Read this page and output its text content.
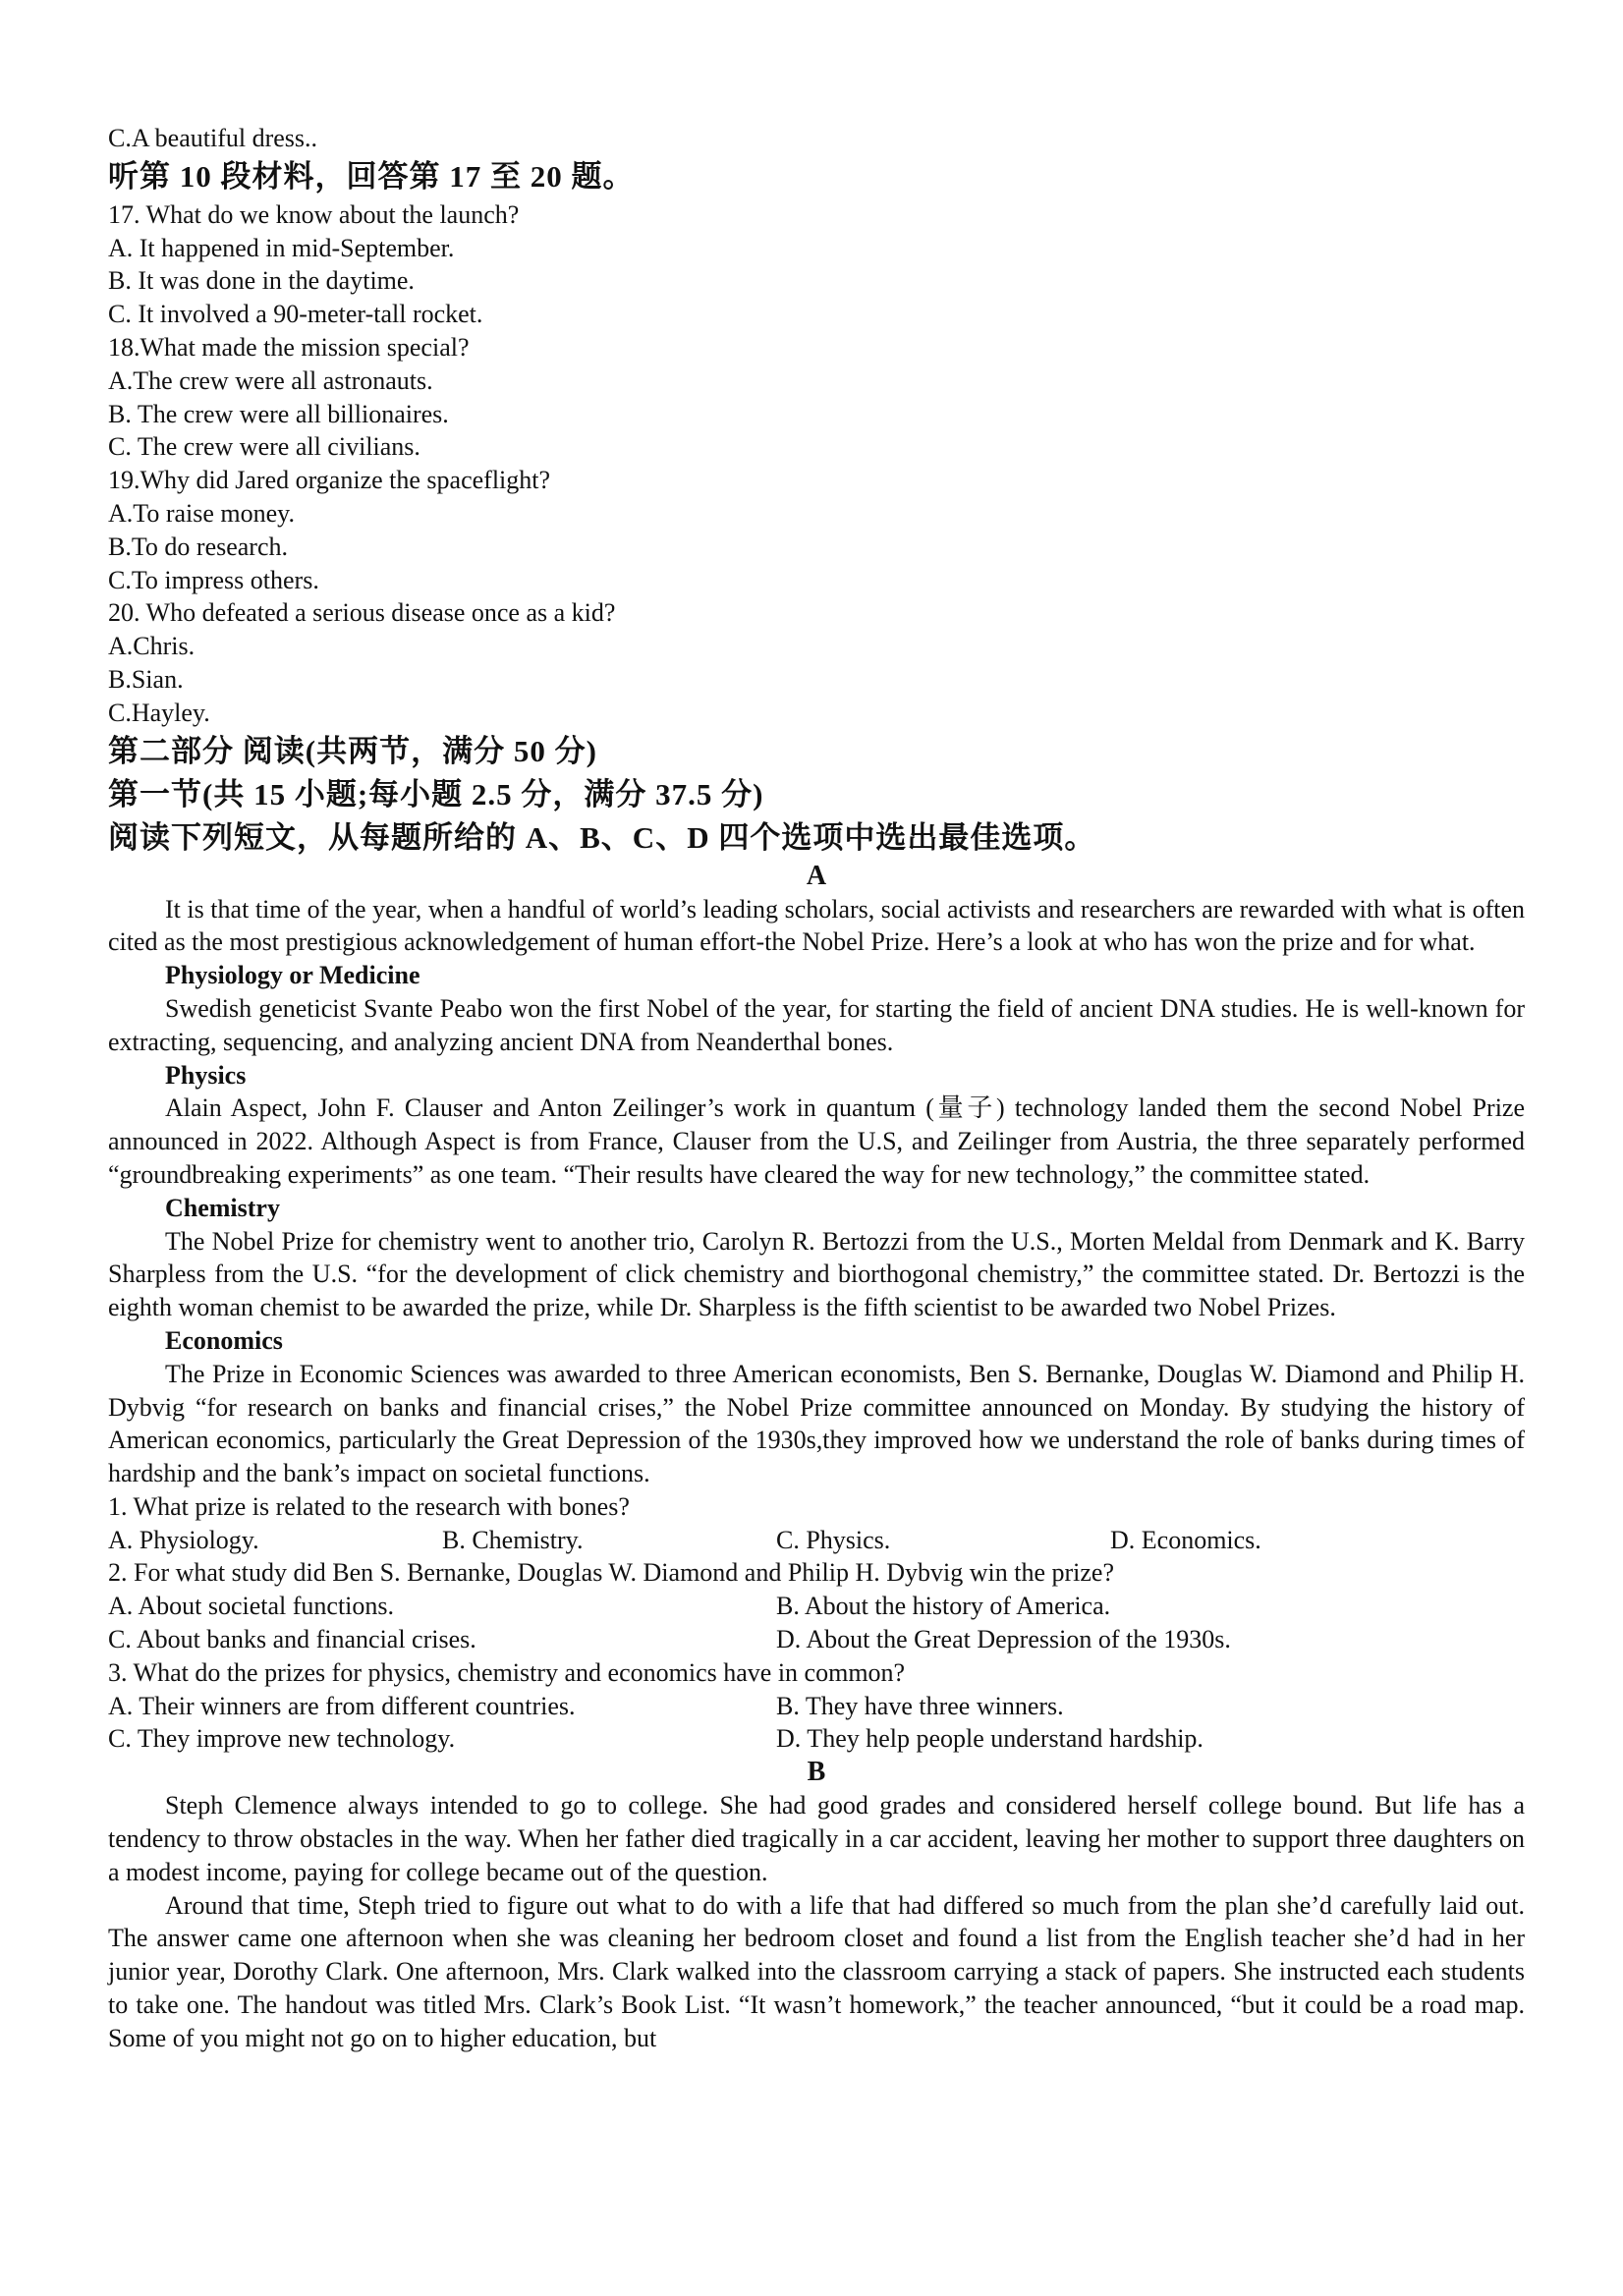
C.A beautiful dress..
听第 10 段材料，回答第 17 至 20 题。
17. What do we know about the launch?
A. It happened in mid-September.
B. It was done in the daytime.
C. It involved a 90-meter-tall rocket.
18.What made the mission special?
A.The crew were all astronauts.
B. The crew were all billionaires.
C. The crew were all civilians.
19.Why did Jared organize the spaceflight?
A.To raise money.
B.To do research.
C.To impress others.
20. Who defeated a serious disease once as a kid?
A.Chris.
B.Sian.
C.Hayley.
第二部分 阅读(共两节，满分 50 分)
第一节(共 15 小题;每小题 2.5 分，满分 37.5 分)
阅读下列短文，从每题所给的 A、B、C、D 四个选项中选出最佳选项。
A
It is that time of the year, when a handful of world’s leading scholars, social activists and researchers are rewarded with what is often cited as the most prestigious acknowledgement of human effort-the Nobel Prize. Here’s a look at who has won the prize and for what.
Physiology or Medicine
Swedish geneticist Svante Peabo won the first Nobel of the year, for starting the field of ancient DNA studies. He is well-known for extracting, sequencing, and analyzing ancient DNA from Neanderthal bones.
Physics
Alain Aspect, John F. Clauser and Anton Zeilinger’s work in quantum (量子) technology landed them the second Nobel Prize announced in 2022. Although Aspect is from France, Clauser from the U.S, and Zeilinger from Austria, the three separately performed “groundbreaking experiments” as one team. “Their results have cleared the way for new technology,” the committee stated.
Chemistry
The Nobel Prize for chemistry went to another trio, Carolyn R. Bertozzi from the U.S., Morten Meldal from Denmark and K. Barry Sharpless from the U.S. “for the development of click chemistry and biorthogonal chemistry,” the committee stated. Dr. Bertozzi is the eighth woman chemist to be awarded the prize, while Dr. Sharpless is the fifth scientist to be awarded two Nobel Prizes.
Economics
The Prize in Economic Sciences was awarded to three American economists, Ben S. Bernanke, Douglas W. Diamond and Philip H. Dybvig “for research on banks and financial crises,” the Nobel Prize committee announced on Monday. By studying the history of American economics, particularly the Great Depression of the 1930s,they improved how we understand the role of banks during times of hardship and the bank’s impact on societal functions.
1. What prize is related to the research with bones?
A. Physiology.	B. Chemistry.	C. Physics.	D. Economics.
2. For what study did Ben S. Bernanke, Douglas W. Diamond and Philip H. Dybvig win the prize?
A. About societal functions.	B. About the history of America.
C. About banks and financial crises.	D. About the Great Depression of the 1930s.
3. What do the prizes for physics, chemistry and economics have in common?
A. Their winners are from different countries.	B. They have three winners.
C. They improve new technology.	D. They help people understand hardship.
B
Steph Clemence always intended to go to college. She had good grades and considered herself college bound. But life has a tendency to throw obstacles in the way. When her father died tragically in a car accident, leaving her mother to support three daughters on a modest income, paying for college became out of the question.
Around that time, Steph tried to figure out what to do with a life that had differed so much from the plan she’d carefully laid out. The answer came one afternoon when she was cleaning her bedroom closet and found a list from the English teacher she’d had in her junior year, Dorothy Clark. One afternoon, Mrs. Clark walked into the classroom carrying a stack of papers. She instructed each students to take one. The handout was titled Mrs. Clark’s Book List. “It wasn’t homework,” the teacher announced, “but it could be a road map. Some of you might not go on to higher education, but
